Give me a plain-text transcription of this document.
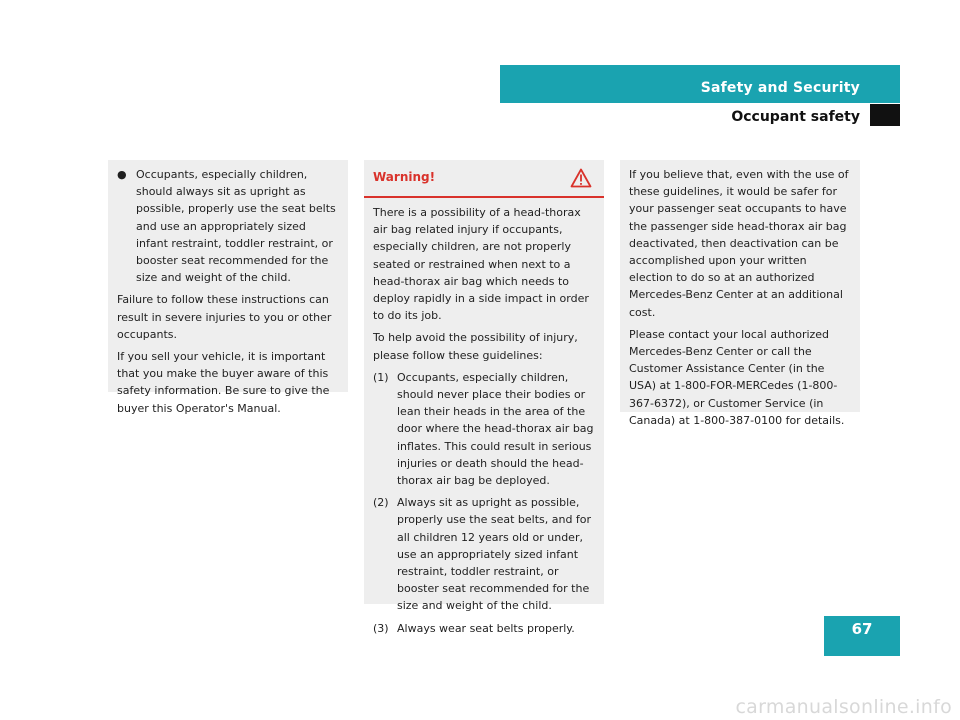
Safety and Security
Occupant safety
● Occupants, especially children, should always sit as upright as possible, properly use the seat belts and use an appropriately sized infant restraint, toddler restraint, or booster seat recommended for the size and weight of the child.

Failure to follow these instructions can result in severe injuries to you or other occupants.

If you sell your vehicle, it is important that you make the buyer aware of this safety information. Be sure to give the buyer this Operator's Manual.

Warning!

There is a possibility of a head-thorax air bag related injury if occupants, especially children, are not properly seated or restrained when next to a head-thorax air bag which needs to deploy rapidly in a side impact in order to do its job.

To help avoid the possibility of injury, please follow these guidelines:

(1) Occupants, especially children, should never place their bodies or lean their heads in the area of the door where the head-thorax air bag inflates. This could result in serious injuries or death should the head-thorax air bag be deployed.
(2) Always sit as upright as possible, properly use the seat belts, and for all children 12 years old or under, use an appropriately sized infant restraint, toddler restraint, or booster seat recommended for the size and weight of the child.
(3) Always wear seat belts properly.

If you believe that, even with the use of these guidelines, it would be safer for your passenger seat occupants to have the passenger side head-thorax air bag deactivated, then deactivation can be accomplished upon your written election to do so at an authorized Mercedes-Benz Center at an additional cost.

Please contact your local authorized Mercedes-Benz Center or call the Customer Assistance Center (in the USA) at 1-800-FOR-MERCedes (1-800-367-6372), or Customer Service (in Canada) at 1-800-387-0100 for details.

67
carmanualsonline.info
